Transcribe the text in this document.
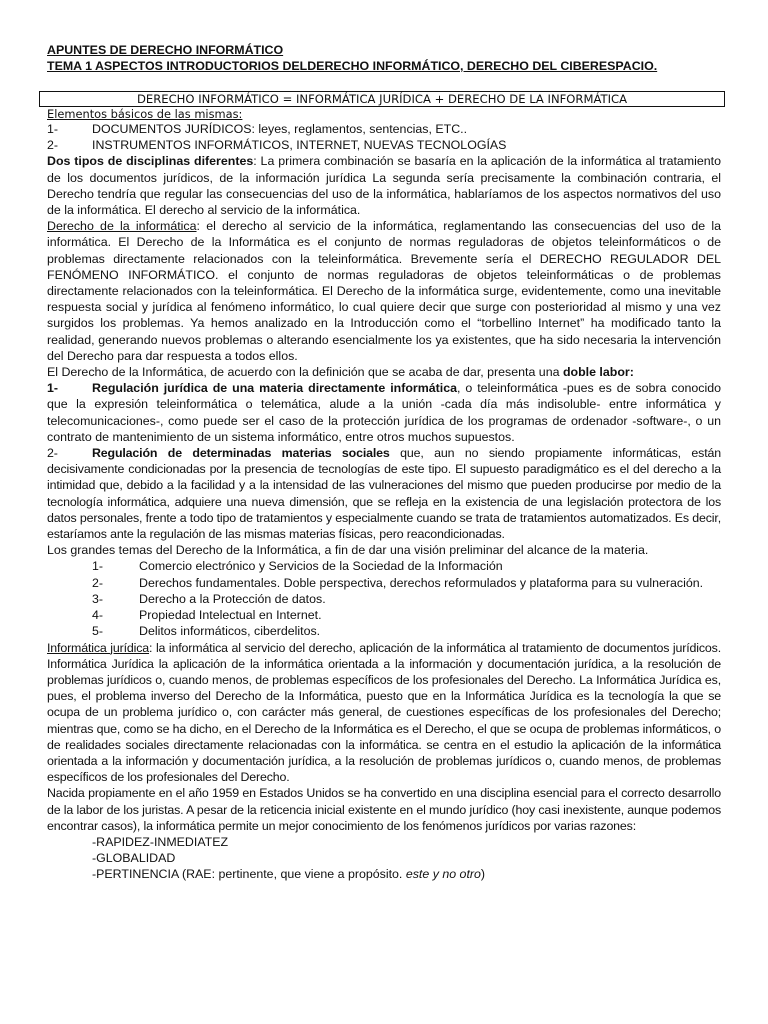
APUNTES DE DERECHO INFORMÁTICO

TEMA 1 ASPECTOS INTRODUCTORIOS DELDERECHO INFORMÁTICO, DERECHO DEL CIBERESPACIO.

DERECHO INFORMÁTICO = INFORMÁTICA JURÍDICA + DERECHO DE LA INFORMÁTICA
Elementos básicos de las mismas:
1-	DOCUMENTOS JURÍDICOS: leyes, reglamentos, sentencias, ETC..
2-	INSTRUMENTOS INFORMÁTICOS, INTERNET, NUEVAS TECNOLOGÍAS

Dos tipos de disciplinas diferentes: La primera combinación se basaría en la aplicación de la informática al tratamiento de los documentos jurídicos, de la información jurídica La segunda sería precisamente la combinación contraria, el Derecho tendría que regular las consecuencias del uso de la informática, hablaríamos de los aspectos normativos del uso de la informática. El derecho al servicio de la informática.

Derecho de la informática: el derecho al servicio de la informática, reglamentando las consecuencias del uso de la informática. El Derecho de la Informática es el conjunto de normas reguladoras de objetos teleinformáticos o de problemas directamente relacionados con la teleinformática. Brevemente sería el DERECHO REGULADOR DEL FENÓMENO INFORMÁTICO. el conjunto de normas reguladoras de objetos teleinformáticas o de problemas directamente relacionados con la teleinformática. El Derecho de la informática surge, evidentemente, como una inevitable respuesta social y jurídica al fenómeno informático, lo cual quiere decir que surge con posterioridad al mismo y una vez surgidos los problemas. Ya hemos analizado en la Introducción como el “torbellino Internet” ha modificado tanto la realidad, generando nuevos problemas o alterando esencialmente los ya existentes, que ha sido necesaria la intervención del Derecho para dar respuesta a todos ellos.

El Derecho de la Informática, de acuerdo con la definición que se acaba de dar, presenta una doble labor:

1-	Regulación jurídica de una materia directamente informática, o teleinformática -pues es de sobra conocido que la expresión teleinformática o telemática, alude a la unión -cada día más indisoluble- entre informática y telecomunicaciones-, como puede ser el caso de la protección jurídica de los programas de ordenador -software-, o un contrato de mantenimiento de un sistema informático, entre otros muchos supuestos.

2-	Regulación de determinadas materias sociales que, aun no siendo propiamente informáticas, están decisivamente condicionadas por la presencia de tecnologías de este tipo. El supuesto paradigmático es el del derecho a la intimidad que, debido a la facilidad y a la intensidad de las vulneraciones del mismo que pueden producirse por medio de la tecnología informática, adquiere una nueva dimensión, que se refleja en la existencia de una legislación protectora de los datos personales, frente a todo tipo de tratamientos y especialmente cuando se trata de tratamientos automatizados. Es decir, estaríamos ante la regulación de las mismas materias físicas, pero reacondicionadas.

Los grandes temas del Derecho de la Informática, a fin de dar una visión preliminar del alcance de la materia.

1-	Comercio electrónico y Servicios de la Sociedad de la Información
2-	Derechos fundamentales. Doble perspectiva, derechos reformulados y plataforma para su vulneración.
3-	Derecho a la Protección de datos.
4-	Propiedad Intelectual en Internet.
5-	Delitos informáticos, ciberdelitos.

Informática jurídica: la informática al servicio del derecho, aplicación de la informática al tratamiento de documentos jurídicos. Informática Jurídica la aplicación de la informática orientada a la información y documentación jurídica, a la resolución de problemas jurídicos o, cuando menos, de problemas específicos de los profesionales del Derecho. La Informática Jurídica es, pues, el problema inverso del Derecho de la Informática, puesto que en la Informática Jurídica es la tecnología la que se ocupa de un problema jurídico o, con carácter más general, de cuestiones específicas de los profesionales del Derecho; mientras que, como se ha dicho, en el Derecho de la Informática es el Derecho, el que se ocupa de problemas informáticos, o de realidades sociales directamente relacionadas con la informática. se centra en el estudio la aplicación de la informática orientada a la información y documentación jurídica, a la resolución de problemas jurídicos o, cuando menos, de problemas específicos de los profesionales del Derecho.

Nacida propiamente en el año 1959 en Estados Unidos se ha convertido en una disciplina esencial para el correcto desarrollo de la labor de los juristas. A pesar de la reticencia inicial existente en el mundo jurídico (hoy casi inexistente, aunque podemos encontrar casos), la informática permite un mejor conocimiento de los fenómenos jurídicos por varias razones:

-RAPIDEZ-INMEDIATEZ
-GLOBALIDAD
-PERTINENCIA (RAE: pertinente, que viene a propósito. este y no otro)
